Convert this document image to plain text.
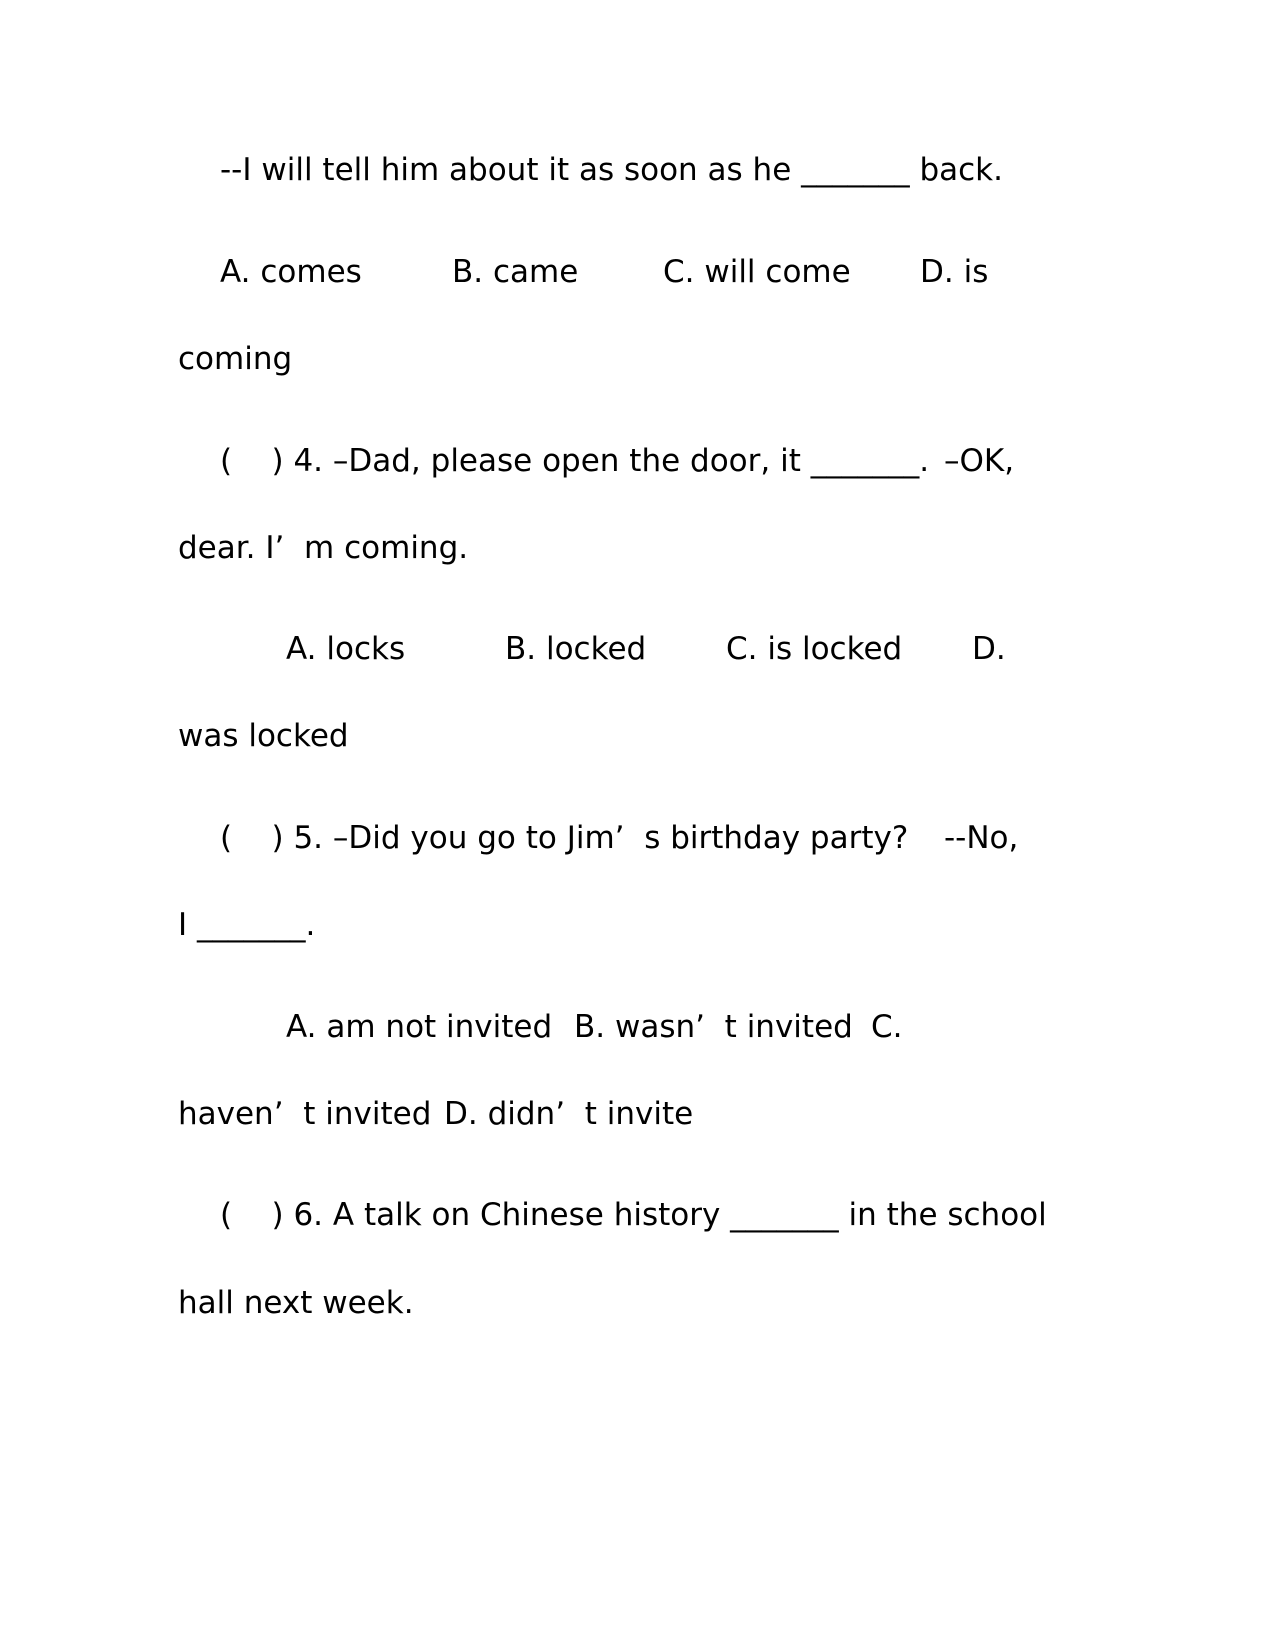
--I will tell him about it as soon as he _______ back.
A. comes	B. came	C. will come D. is
coming
(    ) 4. –Dad, please open the door, it _______. –OK,
dear. I’  m coming.
A. locks	B. locked	C. is locked D.
was locked
(    ) 5. –Did you go to Jim’  s birthday party? --No,
I _______.
A. am not invited B. wasn’  t invited C.
haven’  t invited D. didn’  t invite
(    ) 6. A talk on Chinese history _______ in the school
hall next week.
